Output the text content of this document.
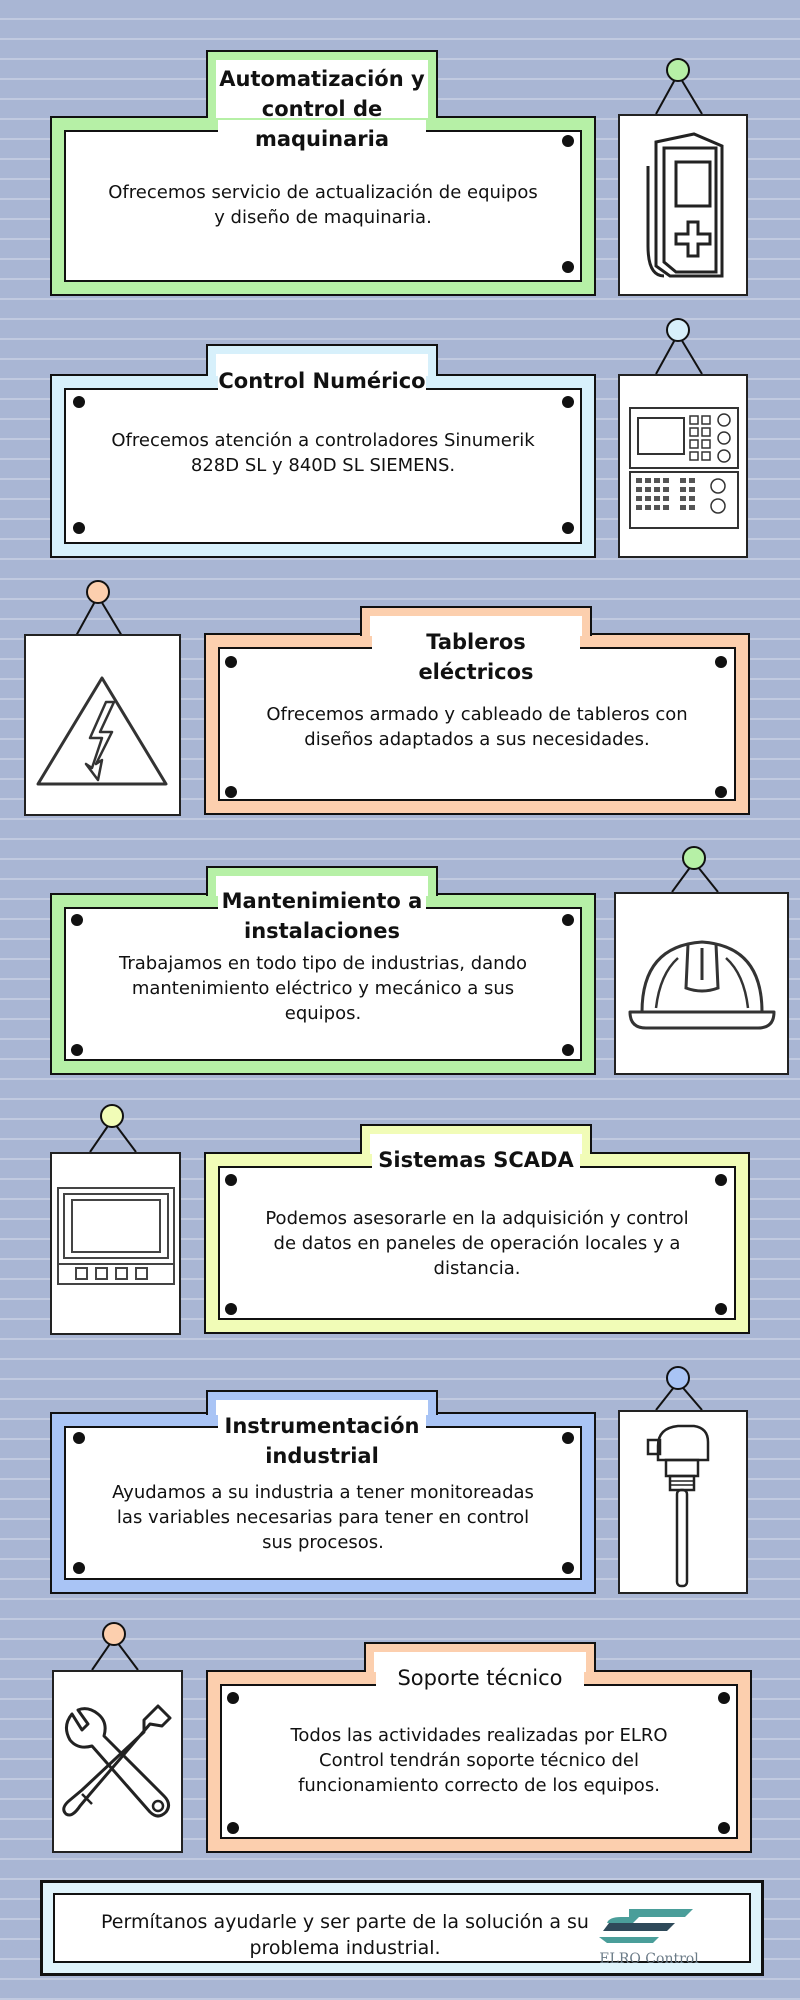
Automatización y
control de
maquinaria
Ofrecemos servicio de actualización de equipos
y diseño de maquinaria.
Control Numérico
Ofrecemos atención a controladores Sinumerik
828D SL y 840D SL SIEMENS.
Tableros
eléctricos
Ofrecemos armado y cableado de tableros con
diseños adaptados a sus necesidades.
Mantenimiento a
instalaciones
Trabajamos en todo tipo de industrias, dando
mantenimiento eléctrico y mecánico a sus
equipos.
Sistemas SCADA
Podemos asesorarle en la adquisición y control
de datos en paneles de operación locales y a
distancia.
Instrumentación
industrial
Ayudamos a su industria a tener monitoreadas
las variables necesarias para tener en control
sus procesos.
Soporte técnico
Todos las actividades realizadas por ELRO
Control tendrán soporte técnico del
funcionamiento correcto de los equipos.
Permítanos ayudarle y ser parte de la solución a su
problema industrial.	ELRO Control
